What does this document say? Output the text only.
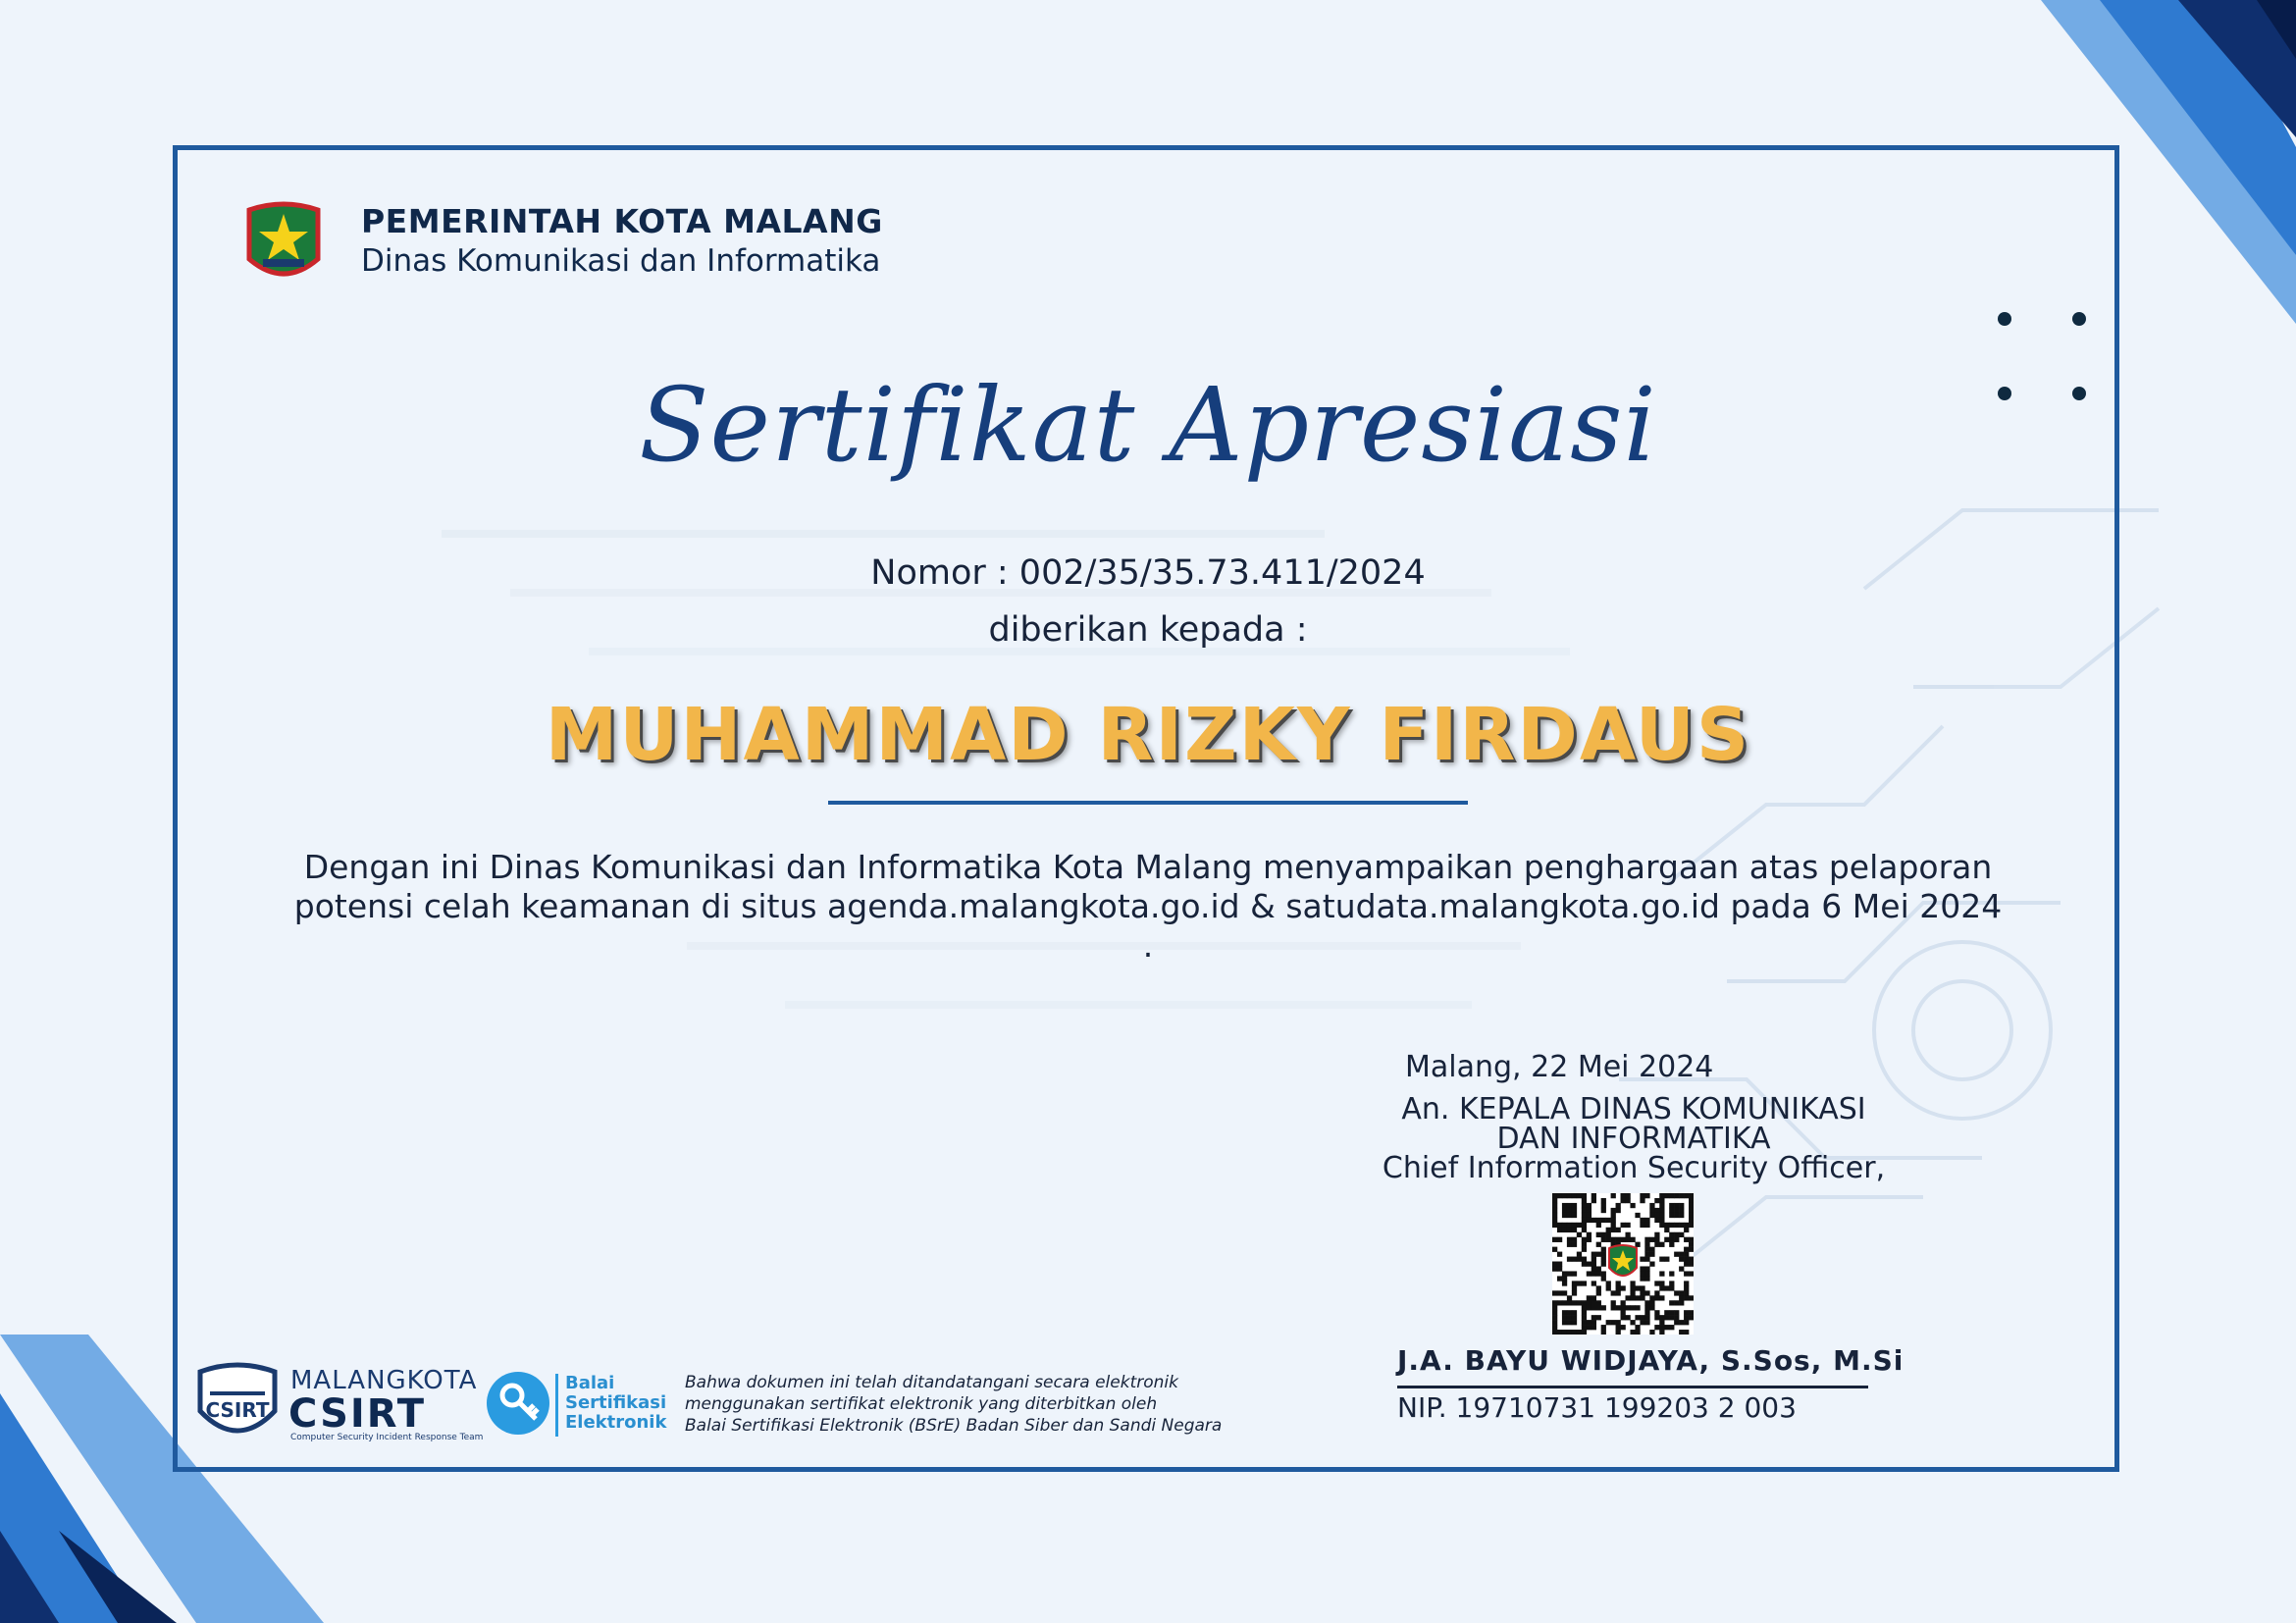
PEMERINTAH KOTA MALANG
Dinas Komunikasi dan Informatika
Sertifikat Apresiasi
Nomor : 002/35/35.73.411/2024
diberikan kepada :
MUHAMMAD RIZKY FIRDAUS
Dengan ini Dinas Komunikasi dan Informatika Kota Malang menyampaikan penghargaan atas pelaporan
potensi celah keamanan di situs agenda.malangkota.go.id & satudata.malangkota.go.id pada 6 Mei 2024
.
Malang, 22 Mei 2024
An. KEPALA DINAS KOMUNIKASI
DAN INFORMATIKA
Chief Information Security Officer,
J.A. BAYU WIDJAYA, S.Sos, M.Si
NIP. 19710731 199203 2 003
CSIRT
MALANGKOTA
CSIRT
Computer Security Incident Response Team
Balai
Sertifikasi
Elektronik
Bahwa dokumen ini telah ditandatangani secara elektronik
menggunakan sertifikat elektronik yang diterbitkan oleh
Balai Sertifikasi Elektronik (BSrE) Badan Siber dan Sandi Negara
